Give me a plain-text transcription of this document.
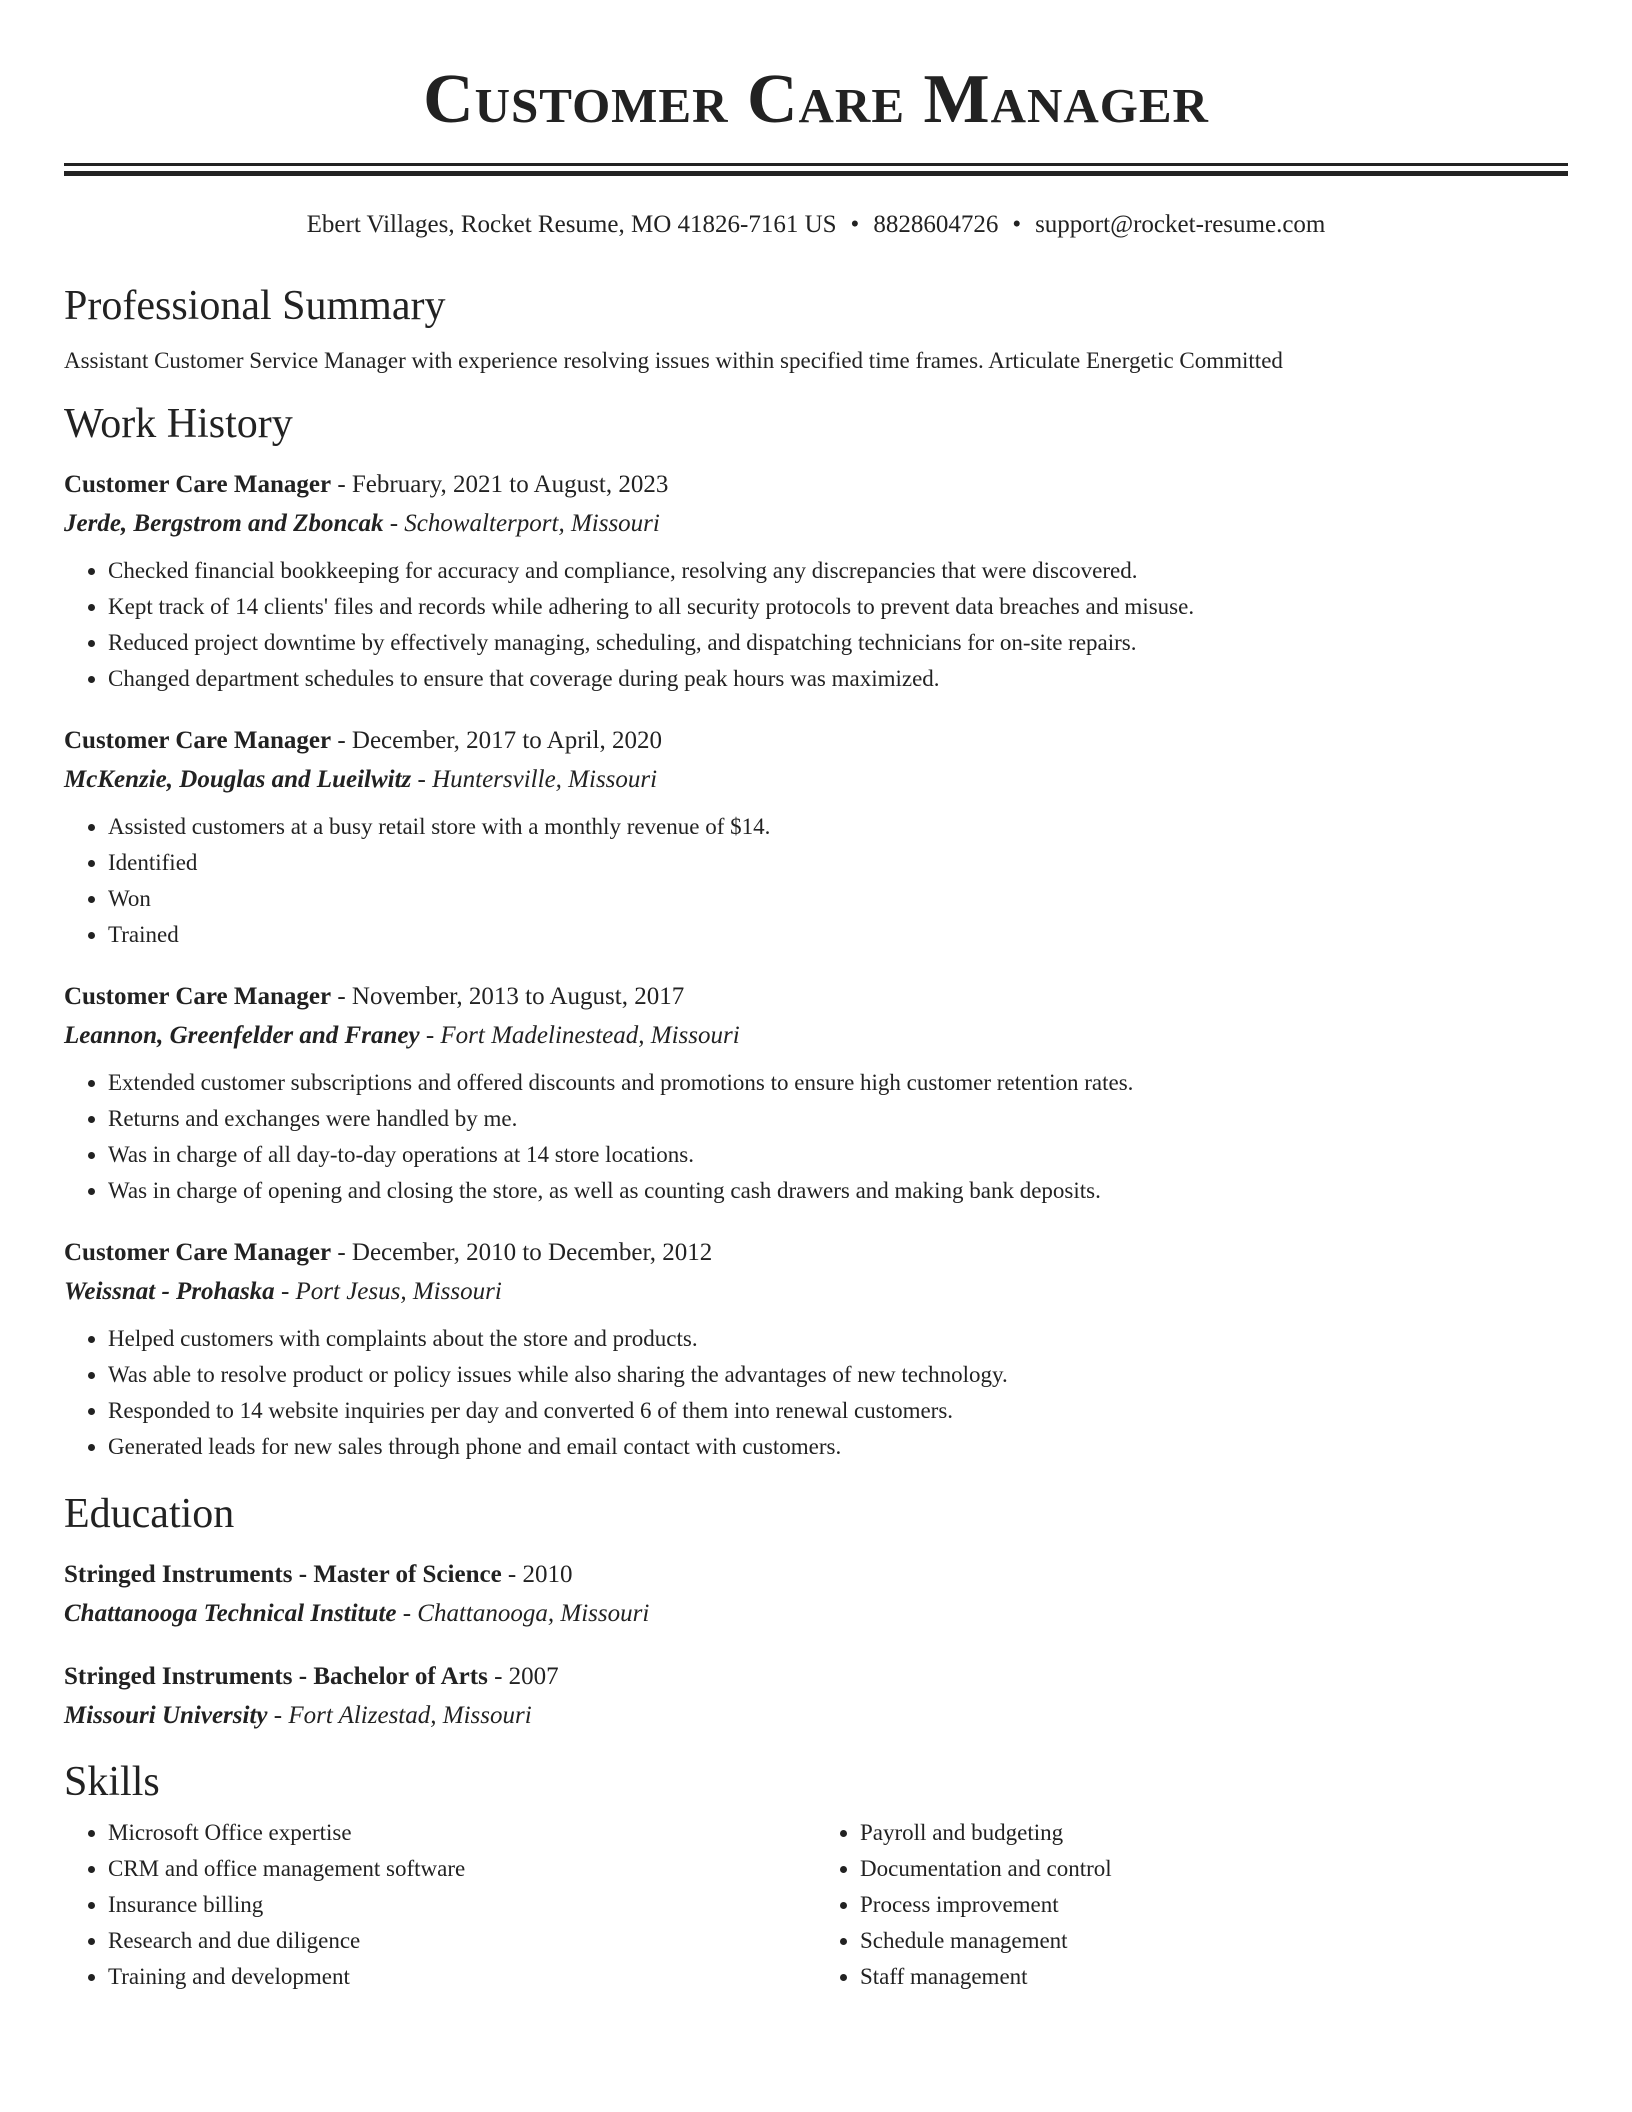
Customer Care Manager
Ebert Villages, Rocket Resume, MO 41826-7161 US • 8828604726 • support@rocket-resume.com
Professional Summary
Assistant Customer Service Manager with experience resolving issues within specified time frames. Articulate Energetic Committed
Work History
Customer Care Manager - February, 2021 to August, 2023
Jerde, Bergstrom and Zboncak - Schowalterport, Missouri
• Checked financial bookkeeping for accuracy and compliance, resolving any discrepancies that were discovered.
• Kept track of 14 clients' files and records while adhering to all security protocols to prevent data breaches and misuse.
• Reduced project downtime by effectively managing, scheduling, and dispatching technicians for on-site repairs.
• Changed department schedules to ensure that coverage during peak hours was maximized.
Customer Care Manager - December, 2017 to April, 2020
McKenzie, Douglas and Lueilwitz - Huntersville, Missouri
• Assisted customers at a busy retail store with a monthly revenue of $14.
• Identified
• Won
• Trained
Customer Care Manager - November, 2013 to August, 2017
Leannon, Greenfelder and Franey - Fort Madelinestead, Missouri
• Extended customer subscriptions and offered discounts and promotions to ensure high customer retention rates.
• Returns and exchanges were handled by me.
• Was in charge of all day-to-day operations at 14 store locations.
• Was in charge of opening and closing the store, as well as counting cash drawers and making bank deposits.
Customer Care Manager - December, 2010 to December, 2012
Weissnat - Prohaska - Port Jesus, Missouri
• Helped customers with complaints about the store and products.
• Was able to resolve product or policy issues while also sharing the advantages of new technology.
• Responded to 14 website inquiries per day and converted 6 of them into renewal customers.
• Generated leads for new sales through phone and email contact with customers.
Education
Stringed Instruments - Master of Science - 2010
Chattanooga Technical Institute - Chattanooga, Missouri
Stringed Instruments - Bachelor of Arts - 2007
Missouri University - Fort Alizestad, Missouri
Skills
• Microsoft Office expertise
• CRM and office management software
• Insurance billing
• Research and due diligence
• Training and development
• Payroll and budgeting
• Documentation and control
• Process improvement
• Schedule management
• Staff management
